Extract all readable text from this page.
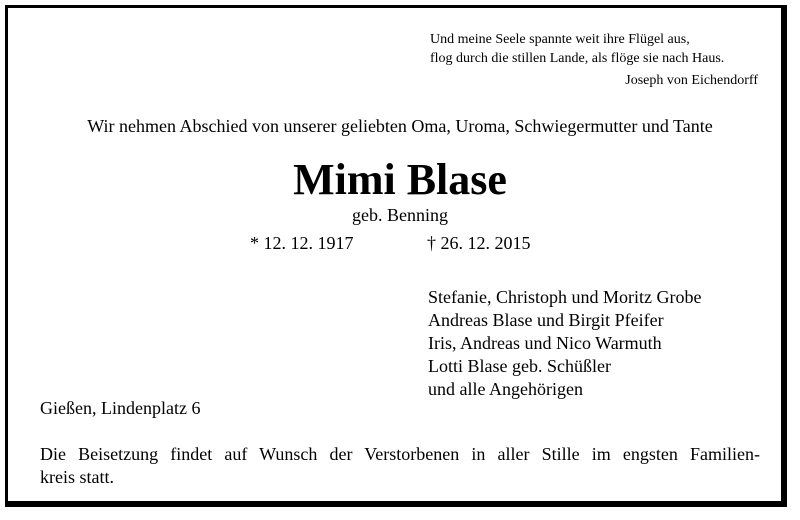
Und meine Seele spannte weit ihre Flügel aus,
flog durch die stillen Lande, als flöge sie nach Haus.
Joseph von Eichendorff
Wir nehmen Abschied von unserer geliebten Oma, Uroma, Schwiegermutter und Tante
Mimi Blase
geb. Benning
* 12. 12. 1917	† 26. 12. 2015
Stefanie, Christoph und Moritz Grobe
Andreas Blase und Birgit Pfeifer
Iris, Andreas und Nico Warmuth
Lotti Blase geb. Schüßler
und alle Angehörigen
Gießen, Lindenplatz 6
Die Beisetzung findet auf Wunsch der Verstorbenen in aller Stille im engsten Familien-
kreis statt.
